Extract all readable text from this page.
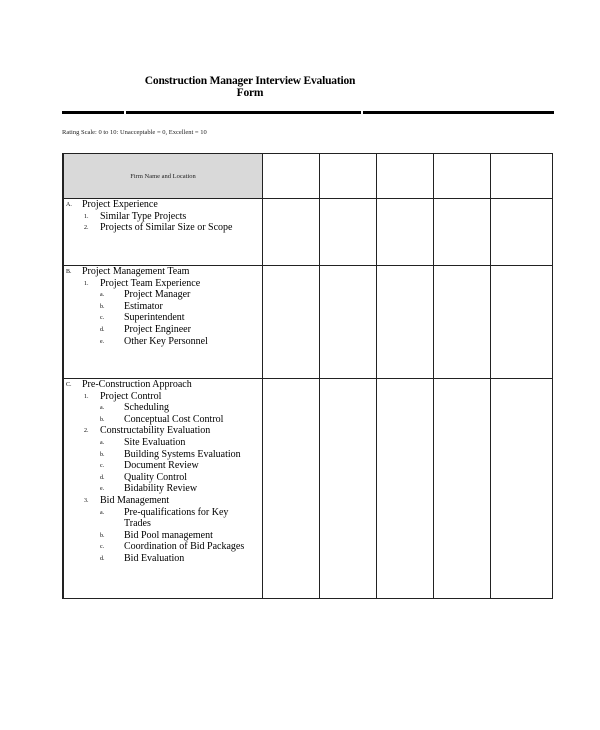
Construction Manager Interview Evaluation
Form
Rating Scale: 0 to 10: Unacceptable = 0, Excellent = 10
Firm Name and Location					

A. Project Experience
1. Similar Type Projects
2. Projects of Similar Size or Scope

B. Project Management Team
1. Project Team Experience
a. Project Manager
b. Estimator
c. Superintendent
d. Project Engineer
e. Other Key Personnel

C. Pre-Construction Approach
1. Project Control
a. Scheduling
b. Conceptual Cost Control
2. Constructability Evaluation
a. Site Evaluation
b. Building Systems Evaluation
c. Document Review
d. Quality Control
e. Bidability Review
3. Bid Management
a. Pre-qualifications for Key Trades
b. Bid Pool management
c. Coordination of Bid Packages
d. Bid Evaluation
